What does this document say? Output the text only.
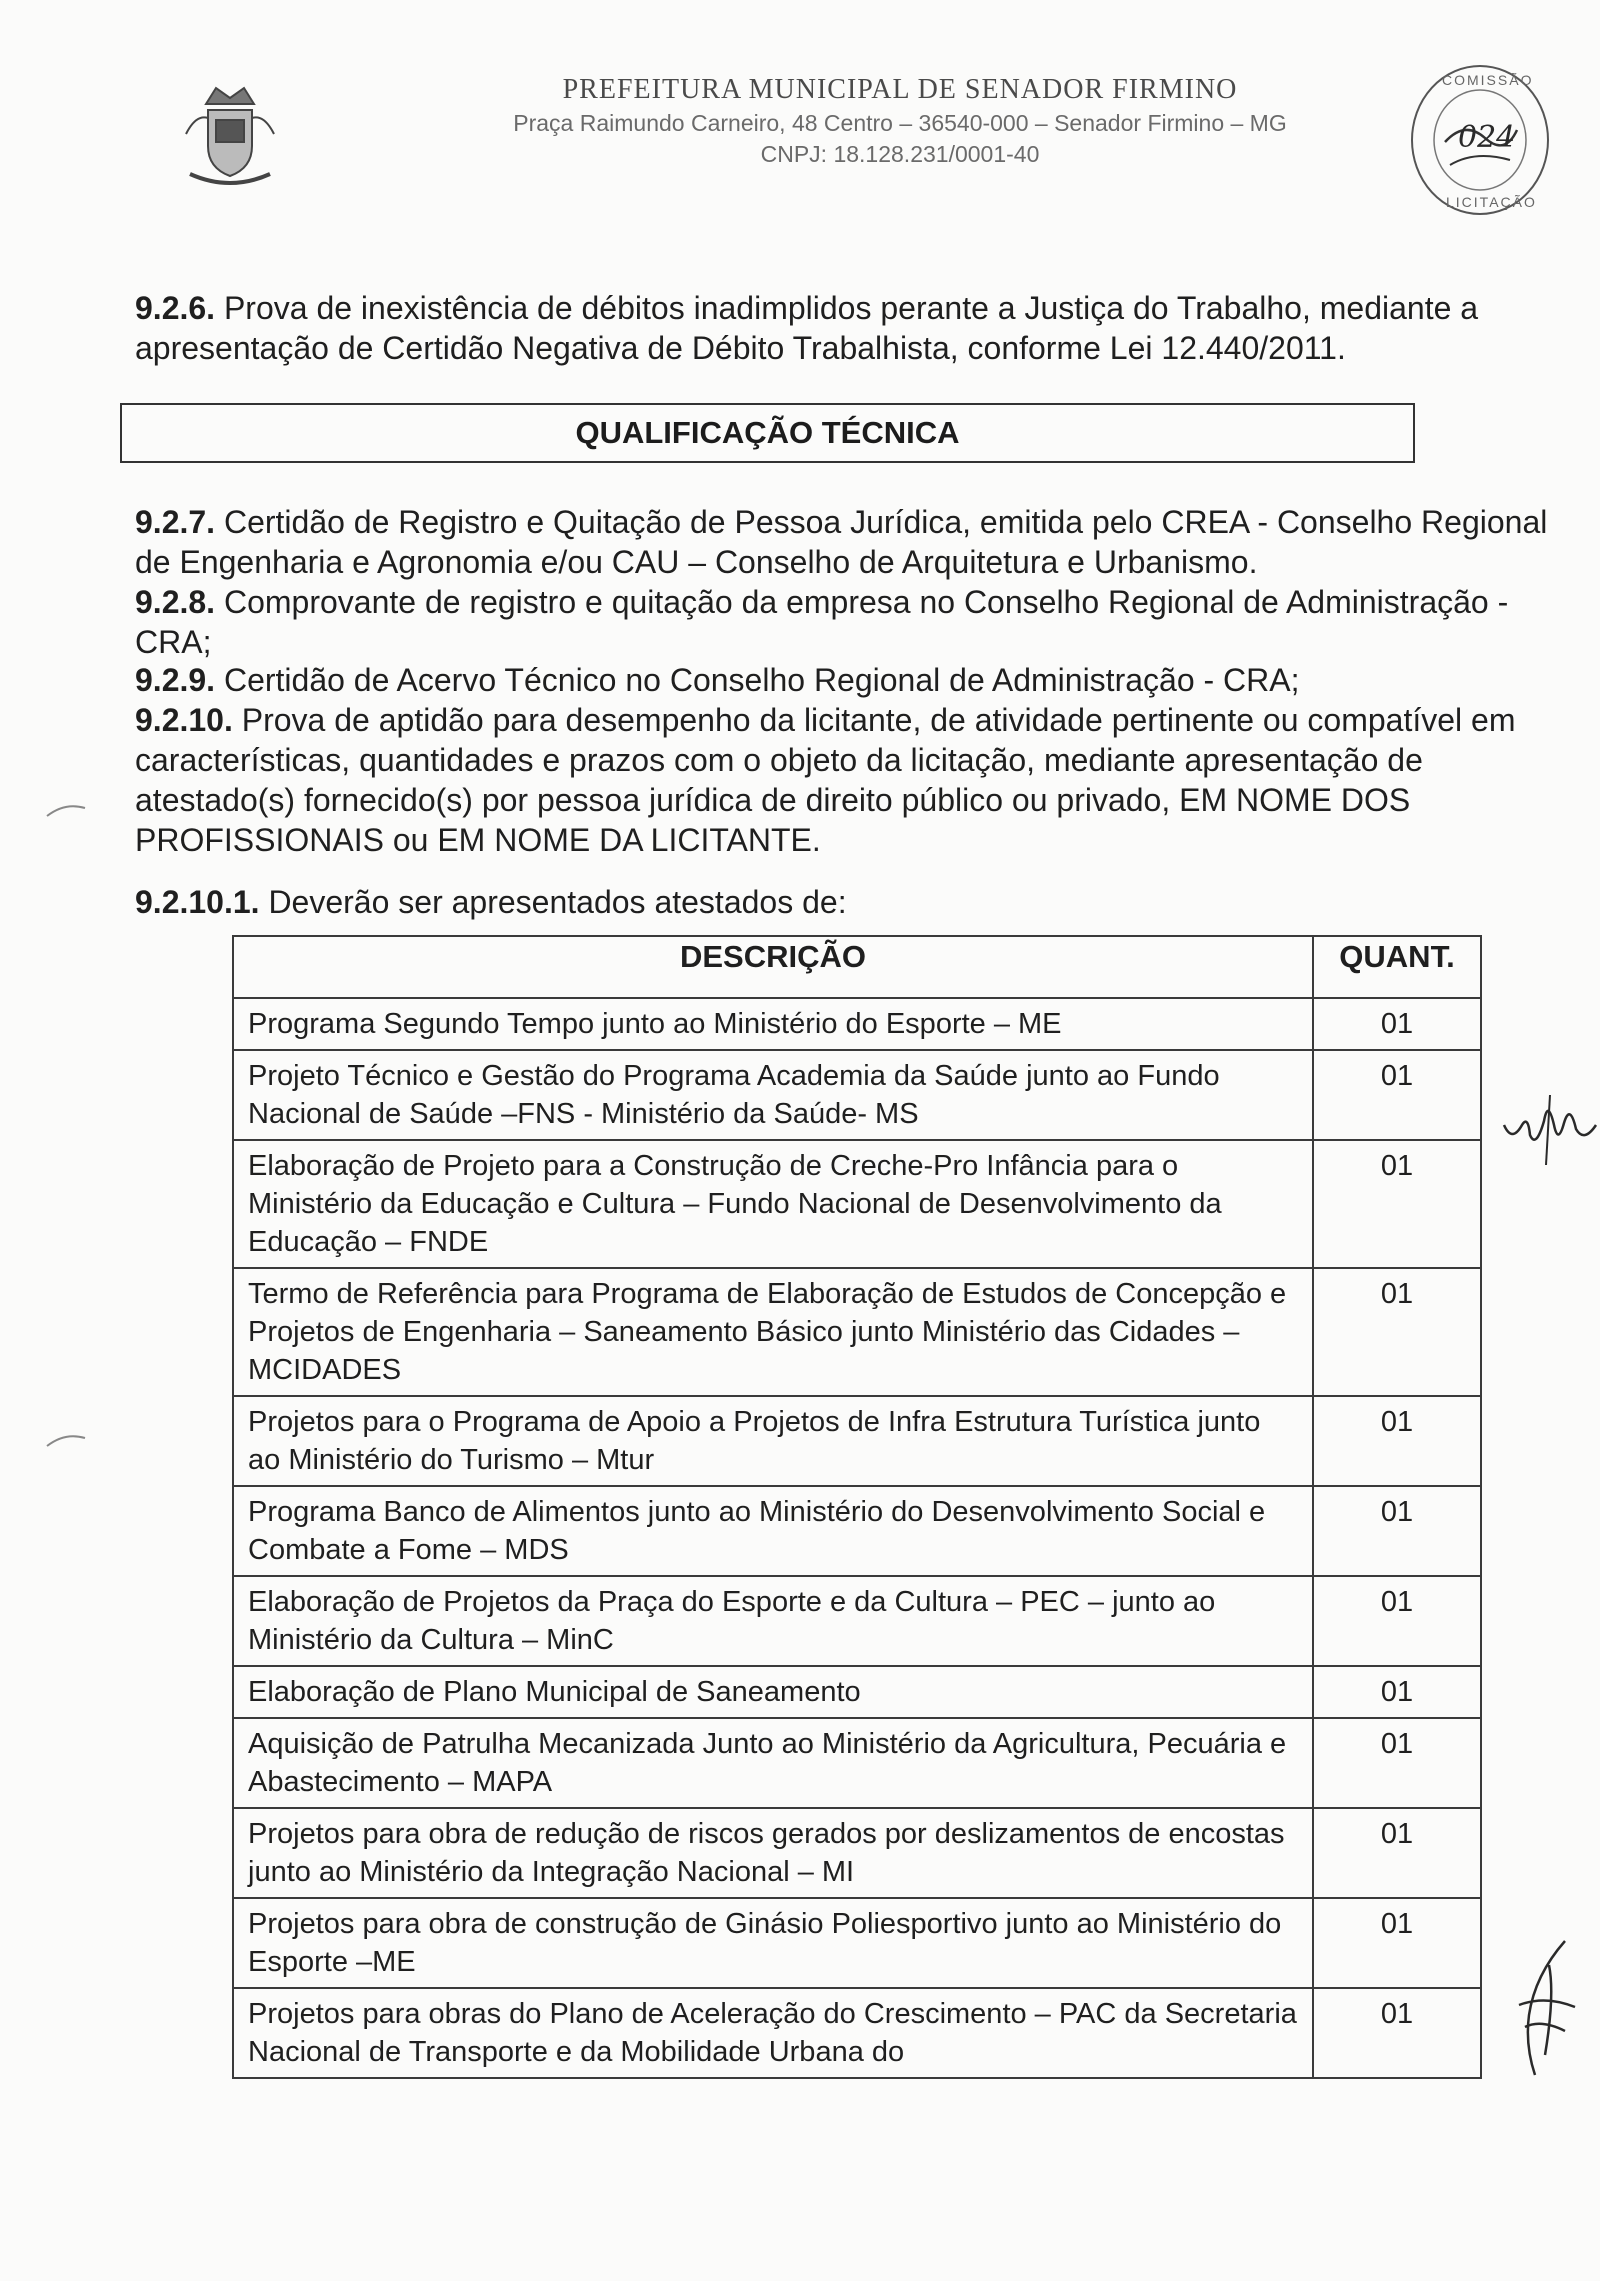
PREFEITURA MUNICIPAL DE SENADOR FIRMINO
Praça Raimundo Carneiro, 48 Centro – 36540-000 – Senador Firmino – MG
CNPJ: 18.128.231/0001-40
COMISSÃO
024
LICITAÇÃO
9.2.6. Prova de inexistência de débitos inadimplidos perante a Justiça do Trabalho, mediante a apresentação de Certidão Negativa de Débito Trabalhista, conforme Lei 12.440/2011.
QUALIFICAÇÃO TÉCNICA
9.2.7. Certidão de Registro e Quitação de Pessoa Jurídica, emitida pelo CREA - Conselho Regional de Engenharia e Agronomia e/ou CAU – Conselho de Arquitetura e Urbanismo.
9.2.8. Comprovante de registro e quitação da empresa no Conselho Regional de Administração - CRA;
9.2.9. Certidão de Acervo Técnico no Conselho Regional de Administração - CRA;
9.2.10. Prova de aptidão para desempenho da licitante, de atividade pertinente ou compatível em características, quantidades e prazos com o objeto da licitação, mediante apresentação de atestado(s) fornecido(s) por pessoa jurídica de direito público ou privado, EM NOME DOS PROFISSIONAIS ou EM NOME DA LICITANTE.
9.2.10.1. Deverão ser apresentados atestados de:
DESCRIÇÃO	QUANT.
Programa Segundo Tempo junto ao Ministério do Esporte – ME	01
Projeto Técnico e Gestão do Programa Academia da Saúde junto ao Fundo Nacional de Saúde –FNS - Ministério da Saúde- MS	01
Elaboração de Projeto para a Construção de Creche-Pro Infância para o Ministério da Educação e Cultura – Fundo Nacional de Desenvolvimento da Educação – FNDE	01
Termo de Referência para Programa de Elaboração de Estudos de Concepção e Projetos de Engenharia – Saneamento Básico junto Ministério das Cidades – MCIDADES	01
Projetos para o Programa de Apoio a Projetos de Infra Estrutura Turística junto ao Ministério do Turismo – Mtur	01
Programa Banco de Alimentos junto ao Ministério do Desenvolvimento Social e Combate a Fome – MDS	01
Elaboração de Projetos da Praça do Esporte e da Cultura – PEC – junto ao Ministério da Cultura – MinC	01
Elaboração de Plano Municipal de Saneamento	01
Aquisição de Patrulha Mecanizada Junto ao Ministério da Agricultura, Pecuária e Abastecimento – MAPA	01
Projetos para obra de redução de riscos gerados por deslizamentos de encostas junto ao Ministério da Integração Nacional – MI	01
Projetos para obra de construção de Ginásio Poliesportivo junto ao Ministério do Esporte –ME	01
Projetos para obras do Plano de Aceleração do Crescimento – PAC da Secretaria Nacional de Transporte e da Mobilidade Urbana do	01
